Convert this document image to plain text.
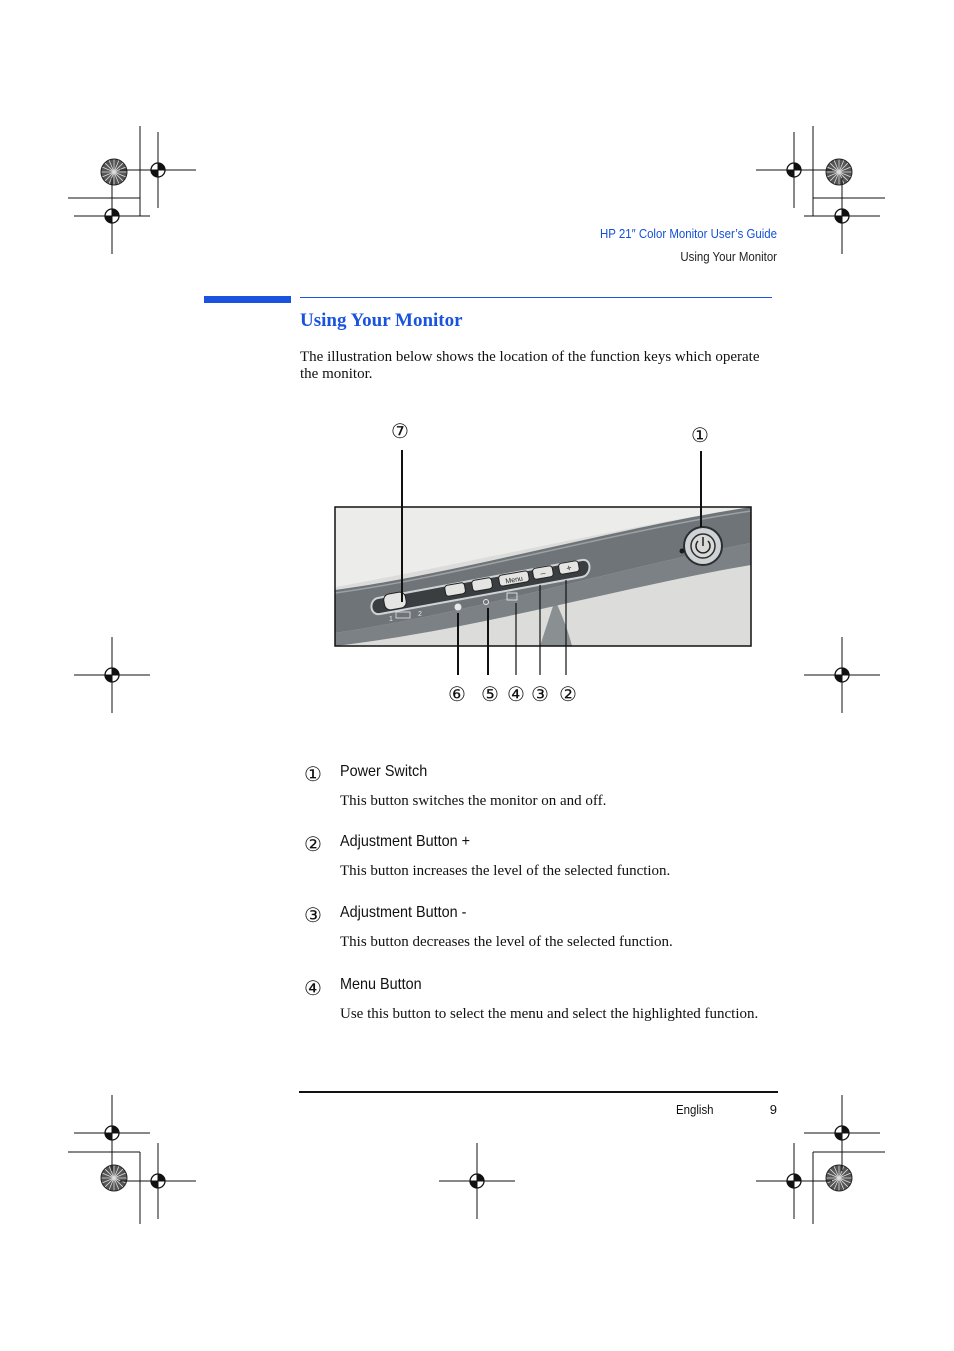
HP 21″ Color Monitor User’s Guide
Using Your Monitor
Using Your Monitor
The illustration below shows the location of the function keys which operate the monitor.
Menu
– +
1
2
⑦	①
⑥ ⑤ ④ ③ ②
① Power Switch
This button switches the monitor on and off.
② Adjustment Button +
This button increases the level of the selected function.
③ Adjustment Button -
This button decreases the level of the selected function.
④ Menu Button
Use this button to select the menu and select the highlighted function.
English	9
